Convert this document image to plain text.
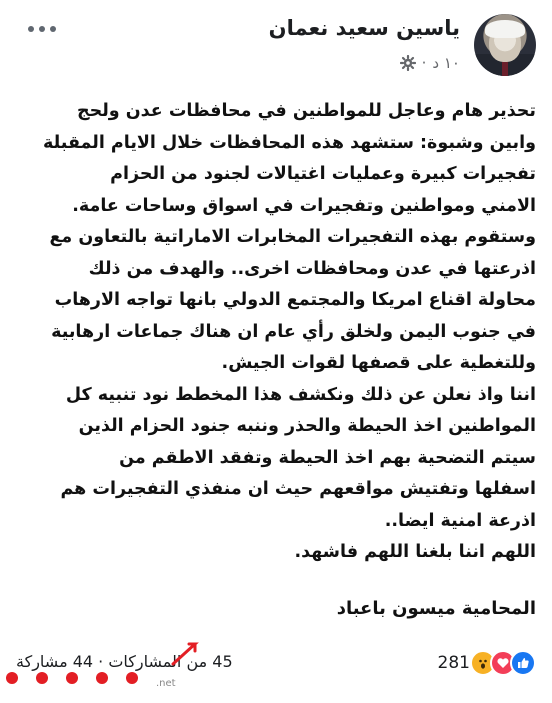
ياسين سعيد نعمان
١٠ د
·

تحذير هام وعاجل للمواطنين في محافظات عدن ولحج

وابين وشبوة: ستشهد هذه المحافظات خلال الايام المقبلة

تفجيرات كبيرة وعمليات اغتيالات لجنود من الحزام

الامني ومواطنين وتفجيرات في اسواق وساحات عامة.

وستقوم بهذه التفجيرات المخابرات الاماراتية بالتعاون مع

اذرعتها في عدن ومحافظات اخرى.. والهدف من ذلك

محاولة اقناع امريكا والمجتمع الدولي بانها تواجه الارهاب

في جنوب اليمن ولخلق رأي عام ان هناك جماعات ارهابية

وللتغطية على قصفها لقوات الجيش.

اننا واذ نعلن عن ذلك ونكشف هذا المخطط نود تنبيه كل

المواطنين اخذ الحيطة والحذر وننبه جنود الحزام الذين

سيتم التضحية بهم اخذ الحيطة وتفقد الاطقم من

اسفلها وتفتيش مواقعهم حيث ان منفذي التفجيرات هم

اذرعة امنية ايضا..

اللهم اننا بلغنا اللهم فاشهد.

المحامية ميسون باعباد
281
45 من المشاركات · 44 مشاركة
.net
